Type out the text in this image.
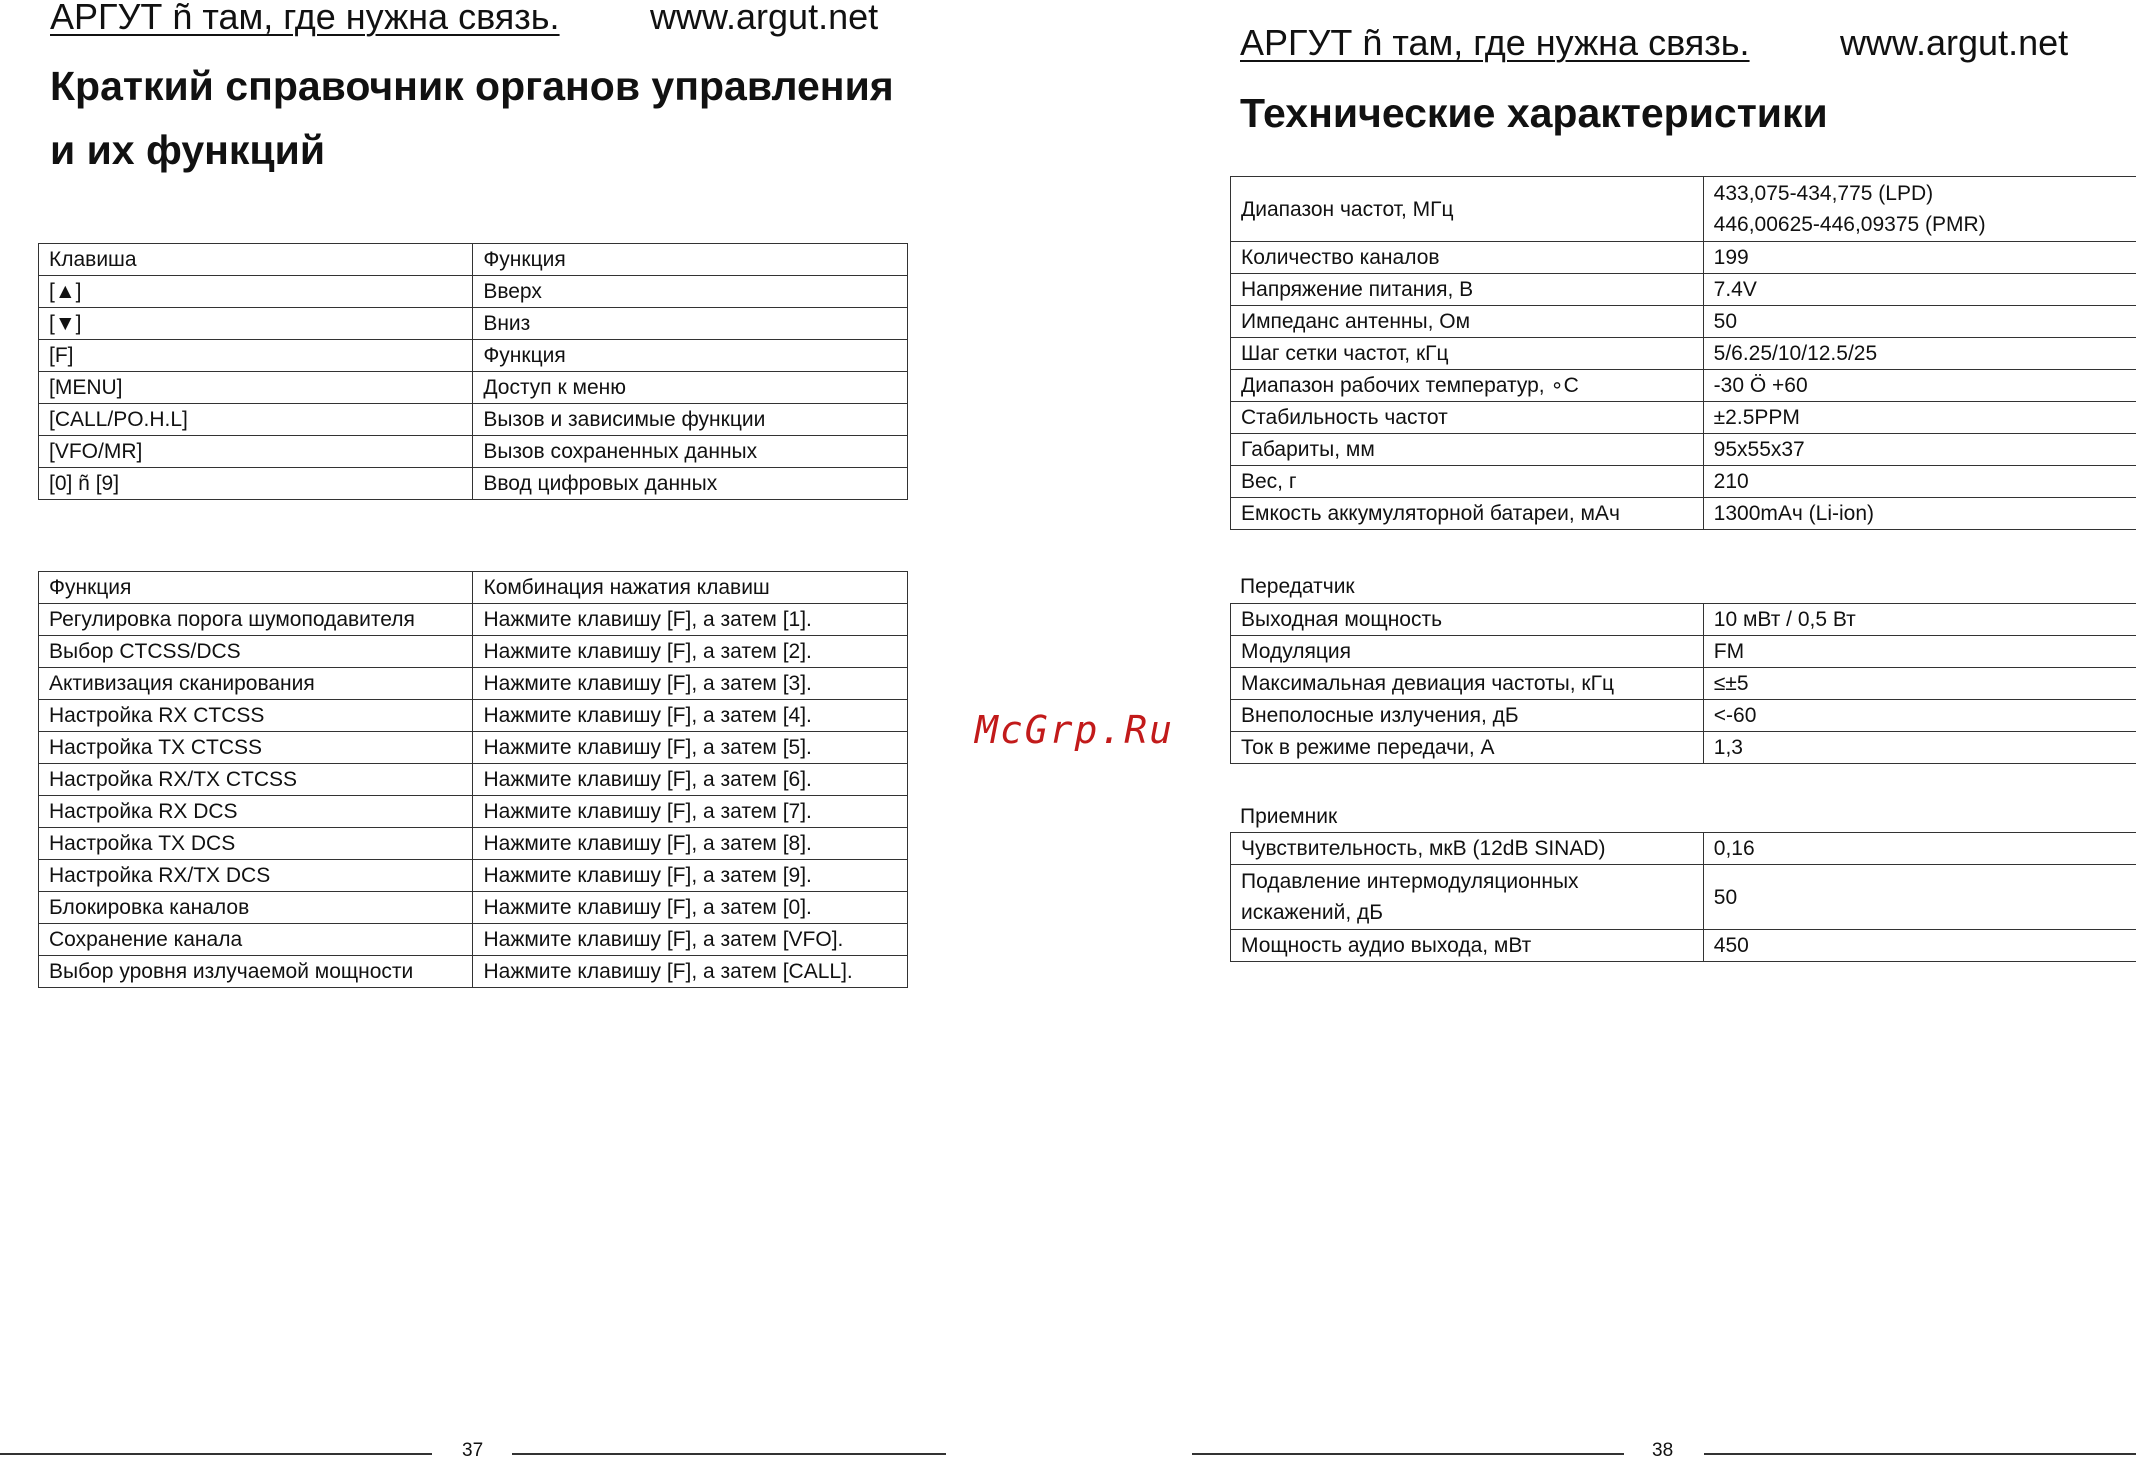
АРГУТ ñ там, где нужна связь.	www.argut.net
Краткий справочник органов управления
и их функций
Клавиша	Функция
[▲]	Вверх
[▼]	Вниз
[F]	Функция
[MENU]	Доступ к меню
[CALL/PO.H.L]	Вызов и зависимые функции
[VFO/MR]	Вызов сохраненных данных
[0] ñ [9]	Ввод цифровых данных
Функция	Комбинация нажатия клавиш
Регулировка порога шумоподавителя	Нажмите клавишу [F], а затем [1].
Выбор CTCSS/DCS	Нажмите клавишу [F], а затем [2].
Активизация сканирования	Нажмите клавишу [F], а затем [3].
Настройка RX CTCSS	Нажмите клавишу [F], а затем [4].
Настройка TX CTCSS	Нажмите клавишу [F], а затем [5].
Настройка RX/TX CTCSS	Нажмите клавишу [F], а затем [6].
Настройка RX DCS	Нажмите клавишу [F], а затем [7].
Настройка TX DCS	Нажмите клавишу [F], а затем [8].
Настройка RX/TX DCS	Нажмите клавишу [F], а затем [9].
Блокировка каналов	Нажмите клавишу [F], а затем [0].
Сохранение канала	Нажмите клавишу [F], а затем [VFO].
Выбор уровня излучаемой мощности	Нажмите клавишу [F], а затем [CALL].
37
АРГУТ ñ там, где нужна связь.	www.argut.net
Технические характеристики
Диапазон частот, МГц	433,075-434,775 (LPD)
446,00625-446,09375 (PMR)

Количество каналов	199
Напряжение питания, В	7.4V
Импеданс антенны, Ом	50
Шаг сетки частот, кГц	5/6.25/10/12.5/25
Диапазон рабочих температур, ∘С	-30 Ö +60
Стабильность частот	±2.5PPM
Габариты, мм	95x55x37
Вес, г	210
Емкость аккумуляторной батареи, мАч	1300mАч (Li-ion)
Передатчик
Выходная мощность	10 мВт / 0,5 Вт
Модуляция	FM
Максимальная девиация частоты, кГц	≤±5
Внеполосные излучения, дБ	<-60
Ток в режиме передачи, А	1,3
Приемник
Чувствительность, мкВ (12dB SINAD)	0,16

Подавление интермодуляционных
искажений, дБ	50
Мощность аудио выхода, мВт	450
38
McGrp.Ru
